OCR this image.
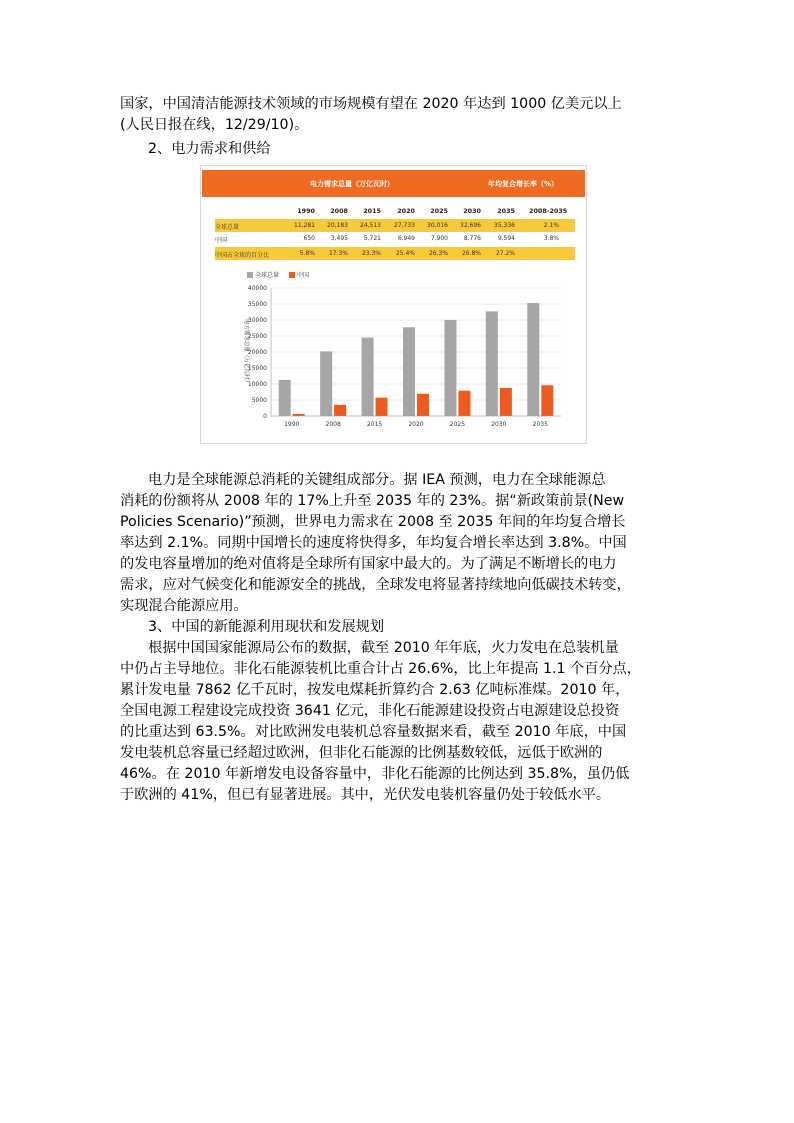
国家，中国清洁能源技术领域的市场规模有望在 2020 年达到 1000 亿美元以上
(人民日报在线，12/29/10)。
2、电力需求和供给
电力需求总量（万亿瓦时）	年均复合增长率（%）
1990	2008	2015	2020	2025	2030	2035 2008-2035
全球总量	11,281	20,183	24,513	27,733	30,016	32,696	35,336	2.1%
中国	650	3,495	5,721	6,949	7,900	8,776	9,594	3.8%
中国占全球的百分比	5.8%	17.3%	23.3%	25.4%	26.3%	26.8%	27.2%
全球总量	中国
0
5000
10000
15000
20000
25000
30000
35000
40000
电力需求总量（万亿瓦时）
1990	2008	2015	2020	2025	2030	2035
电力是全球能源总消耗的关键组成部分。据 IEA 预测，电力在全球能源总
消耗的份额将从 2008 年的 17%上升至 2035 年的 23%。据“新政策前景(New
Policies Scenario)”预测，世界电力需求在 2008 至 2035 年间的年均复合增长
率达到 2.1%。同期中国增长的速度将快得多，年均复合增长率达到 3.8%。中国
的发电容量增加的绝对值将是全球所有国家中最大的。为了满足不断增长的电力
需求，应对气候变化和能源安全的挑战，全球发电将显著持续地向低碳技术转变，
实现混合能源应用。
3、中国的新能源利用现状和发展规划
根据中国国家能源局公布的数据，截至 2010 年年底，火力发电在总装机量
中仍占主导地位。非化石能源装机比重合计占 26.6%，比上年提高 1.1 个百分点，
累计发电量 7862 亿千瓦时，按发电煤耗折算约合 2.63 亿吨标准煤。2010 年，
全国电源工程建设完成投资 3641 亿元，非化石能源建设投资占电源建设总投资
的比重达到 63.5%。对比欧洲发电装机总容量数据来看，截至 2010 年底，中国
发电装机总容量已经超过欧洲，但非化石能源的比例基数较低，远低于欧洲的
46%。在 2010 年新增发电设备容量中，非化石能源的比例达到 35.8%，虽仍低
于欧洲的 41%，但已有显著进展。其中，光伏发电装机容量仍处于较低水平。
